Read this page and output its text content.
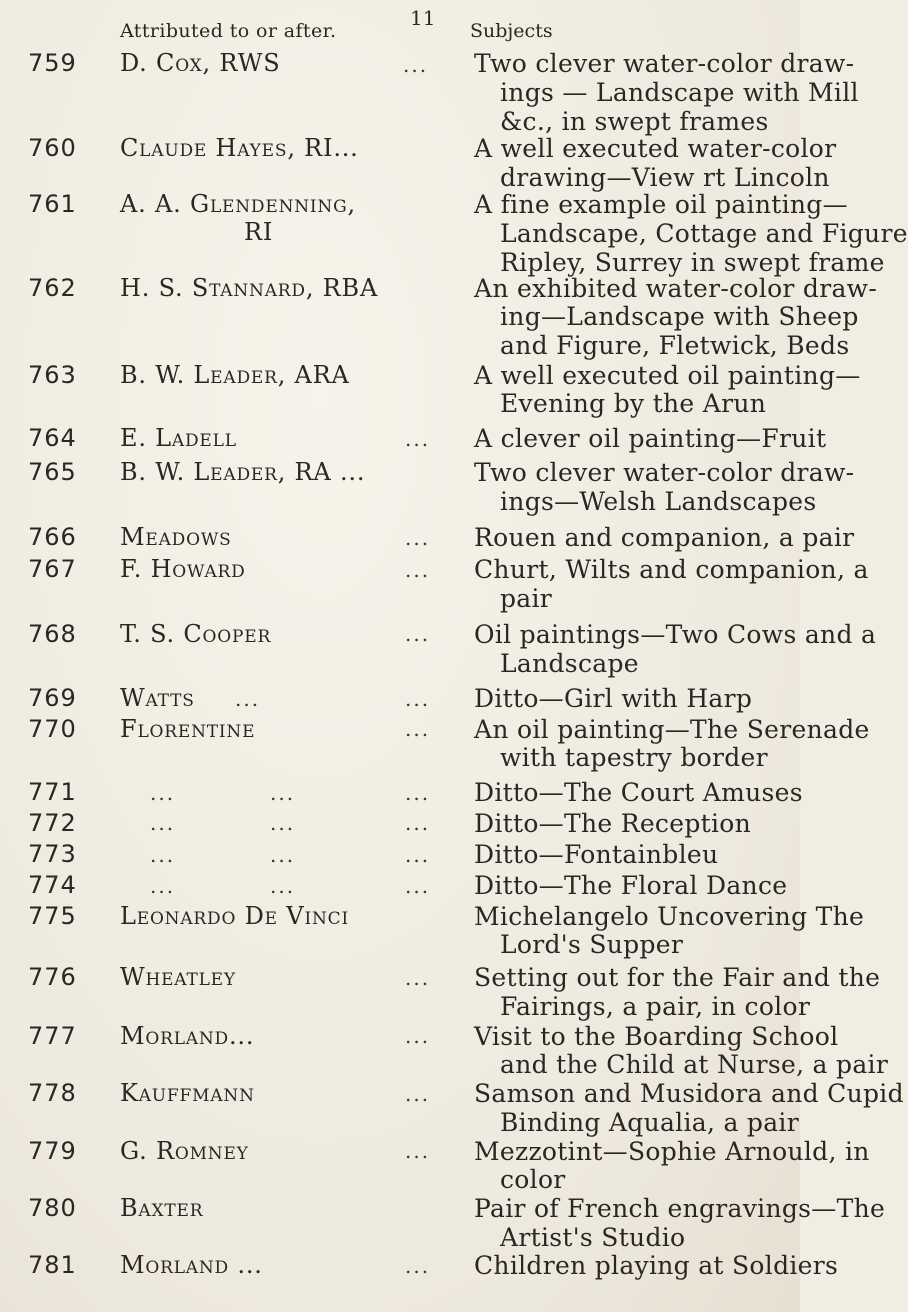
Attributed to or after.
11
Subjects
759 D. Cox, RWS	... Two clever water-color draw-
ings — Landscape with Mill
&c., in swept frames
760 Claude Hayes, RI...	A well executed water-color
drawing—View rt Lincoln
761 A. A. Glendenning,
RI
A fine example oil painting—
Landscape, Cottage and Figure
Ripley, Surrey in swept frame
762 H. S. Stannard, RBA	An exhibited water-color draw-
ing—Landscape with Sheep
and Figure, Fletwick, Beds
763 B. W. Leader, ARA	A well executed oil painting—
Evening by the Arun
764 E. Ladell	... A clever oil painting—Fruit
765 B. W. Leader, RA ...	Two clever water-color draw-
ings—Welsh Landscapes
766 Meadows	... Rouen and companion, a pair
767 F. Howard	... Churt, Wilts and companion, a
pair
768 T. S. Cooper	... Oil paintings—Two Cows and a
Landscape
769 Watts ...	... Ditto—Girl with Harp
770 Florentine	... An oil painting—The Serenade
with tapestry border
771	...	...	... Ditto—The Court Amuses
772	...	...	... Ditto—The Reception
773	...	...	... Ditto—Fontainbleu
774	...	...	... Ditto—The Floral Dance
775 Leonardo De Vinci	Michelangelo Uncovering The
Lord's Supper
776 Wheatley	... Setting out for the Fair and the
Fairings, a pair, in color
777 Morland...	... Visit to the Boarding School
and the Child at Nurse, a pair
778 Kauffmann	... Samson and Musidora and Cupid
Binding Aqualia, a pair
779 G. Romney	... Mezzotint—Sophie Arnould, in
color
780 Baxter	Pair of French engravings—The
Artist's Studio
781 Morland ...	... Children playing at Soldiers
